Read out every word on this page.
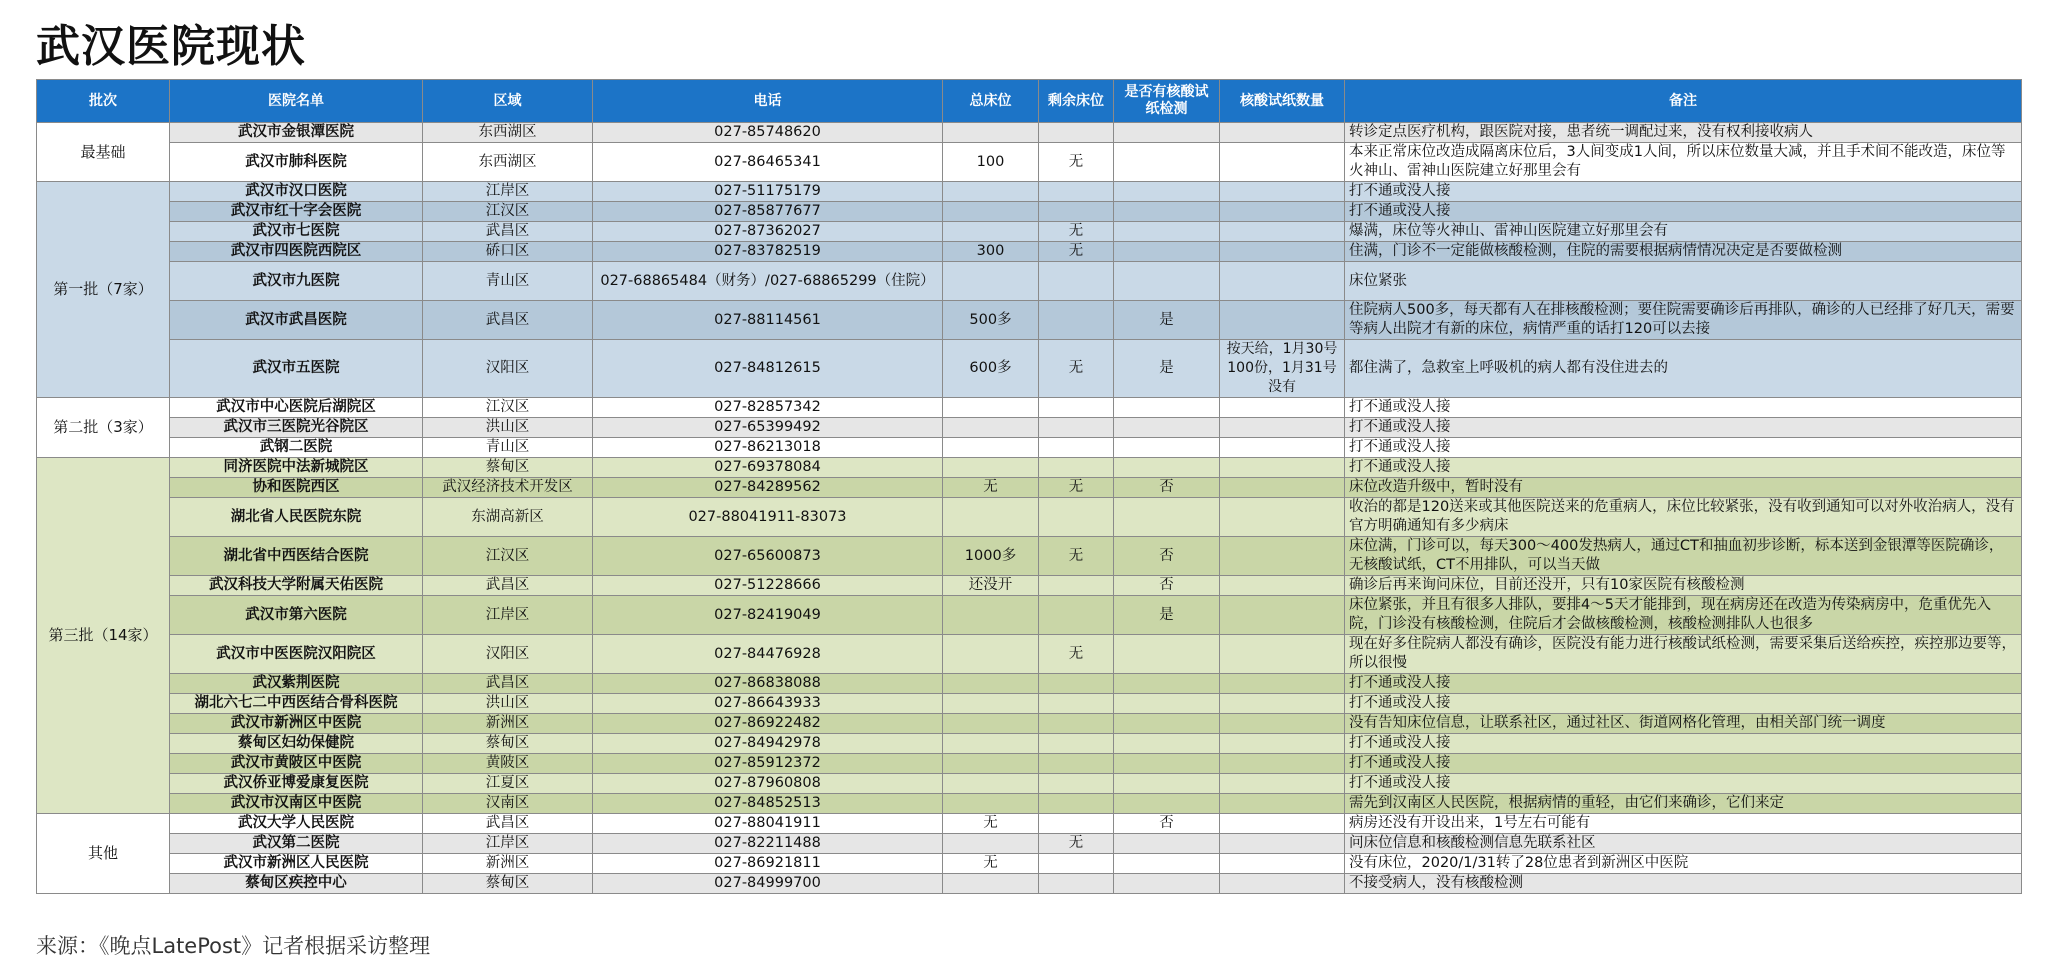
武汉医院现状
批次	医院名单	区域	电话	总床位	剩余床位	是否有核酸试纸检测	核酸试纸数量	备注
最基础	武汉市金银潭医院	东西湖区	027-85748620					转诊定点医疗机构，跟医院对接，患者统一调配过来，没有权利接收病人
	武汉市肺科医院	东西湖区	027-86465341	100	无			本来正常床位改造成隔离床位后，3人间变成1人间，所以床位数量大减，并且手术间不能改造，床位等火神山、雷神山医院建立好那里会有
第一批（7家）	武汉市汉口医院	江岸区	027-51175179					打不通或没人接
	武汉市红十字会医院	江汉区	027-85877677					打不通或没人接
	武汉市七医院	武昌区	027-87362027		无			爆满，床位等火神山、雷神山医院建立好那里会有
	武汉市四医院西院区	硚口区	027-83782519	300	无			住满，门诊不一定能做核酸检测，住院的需要根据病情情况决定是否要做检测
	武汉市九医院	青山区	027-68865484（财务）/027-68865299（住院）					床位紧张
	武汉市武昌医院	武昌区	027-88114561	500多		是		住院病人500多，每天都有人在排核酸检测；要住院需要确诊后再排队，确诊的人已经排了好几天，需要等病人出院才有新的床位，病情严重的话打120可以去接
	武汉市五医院	汉阳区	027-84812615	600多	无	是	按天给，1月30号100份，1月31号没有	都住满了，急救室上呼吸机的病人都有没住进去的
第二批（3家）	武汉市中心医院后湖院区	江汉区	027-82857342					打不通或没人接
	武汉市三医院光谷院区	洪山区	027-65399492					打不通或没人接
	武钢二医院	青山区	027-86213018					打不通或没人接
第三批（14家）	同济医院中法新城院区	蔡甸区	027-69378084					打不通或没人接
	协和医院西区	武汉经济技术开发区	027-84289562	无	无	否		床位改造升级中，暂时没有
	湖北省人民医院东院	东湖高新区	027-88041911-83073					收治的都是120送来或其他医院送来的危重病人，床位比较紧张，没有收到通知可以对外收治病人，没有官方明确通知有多少病床
	湖北省中西医结合医院	江汉区	027-65600873	1000多	无	否		床位满，门诊可以，每天300～400发热病人，通过CT和抽血初步诊断，标本送到金银潭等医院确诊，无核酸试纸，CT不用排队，可以当天做
	武汉科技大学附属天佑医院	武昌区	027-51228666	还没开		否		确诊后再来询问床位，目前还没开，只有10家医院有核酸检测
	武汉市第六医院	江岸区	027-82419049			是		床位紧张，并且有很多人排队，要排4～5天才能排到，现在病房还在改造为传染病房中，危重优先入院，门诊没有核酸检测，住院后才会做核酸检测，核酸检测排队人也很多
	武汉市中医医院汉阳院区	汉阳区	027-84476928		无			现在好多住院病人都没有确诊，医院没有能力进行核酸试纸检测，需要采集后送给疾控，疾控那边要等，所以很慢
	武汉紫荆医院	武昌区	027-86838088					打不通或没人接
	湖北六七二中西医结合骨科医院	洪山区	027-86643933					打不通或没人接
	武汉市新洲区中医院	新洲区	027-86922482					没有告知床位信息，让联系社区，通过社区、街道网格化管理，由相关部门统一调度
	蔡甸区妇幼保健院	蔡甸区	027-84942978					打不通或没人接
	武汉市黄陂区中医院	黄陂区	027-85912372					打不通或没人接
	武汉侨亚博爱康复医院	江夏区	027-87960808					打不通或没人接
	武汉市汉南区中医院	汉南区	027-84852513					需先到汉南区人民医院，根据病情的重轻，由它们来确诊，它们来定
其他	武汉大学人民医院	武昌区	027-88041911	无		否		病房还没有开设出来，1号左右可能有
	武汉第二医院	江岸区	027-82211488		无			问床位信息和核酸检测信息先联系社区
	武汉市新洲区人民医院	新洲区	027-86921811	无				没有床位，2020/1/31转了28位患者到新洲区中医院
	蔡甸区疾控中心	蔡甸区	027-84999700					不接受病人，没有核酸检测
来源：《晚点LatePost》记者根据采访整理
